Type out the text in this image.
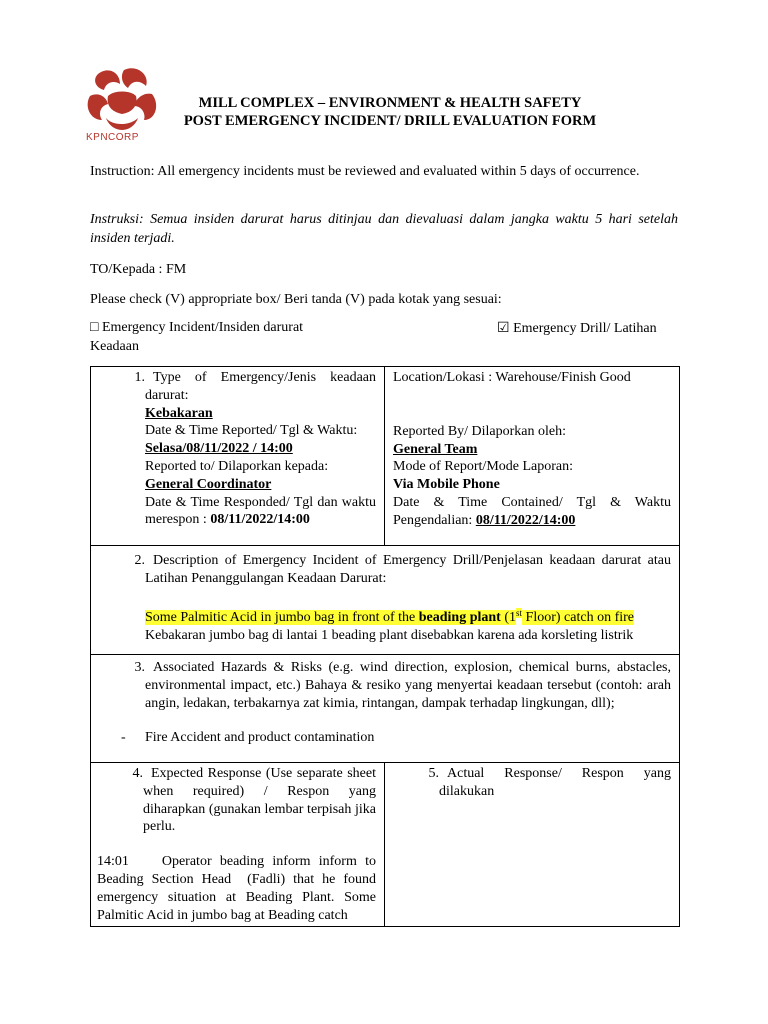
KPNCORP
MILL COMPLEX – ENVIRONMENT & HEALTH SAFETY
POST EMERGENCY INCIDENT/ DRILL EVALUATION FORM
Instruction: All emergency incidents must be reviewed and evaluated within 5 days of occurrence.
Instruksi: Semua insiden darurat harus ditinjau dan dievaluasi dalam jangka waktu 5 hari setelah insiden terjadi.
TO/Kepada : FM
Please check (V) appropriate box/ Beri tanda (V) pada kotak yang sesuai:
□ Emergency Incident/Insiden darurat	☑ Emergency Drill/ Latihan
Keadaan
1. Type of Emergency/Jenis keadaan darurat:
Kebakaran
Date & Time Reported/ Tgl & Waktu:
Selasa/08/11/2022 / 14:00
Reported to/ Dilaporkan kepada:
General Coordinator
Date & Time Responded/ Tgl dan waktu merespon : 08/11/2022/14:00
Location/Lokasi : Warehouse/Finish Good
Reported By/ Dilaporkan oleh:
General Team
Mode of Report/Mode Laporan:
Via Mobile Phone
Date & Time Contained/ Tgl & Waktu Pengendalian: 08/11/2022/14:00
2. Description of Emergency Incident of Emergency Drill/Penjelasan keadaan darurat atau Latihan Penanggulangan Keadaan Darurat:
Some Palmitic Acid in jumbo bag in front of the beading plant (1st Floor) catch on fire
Kebakaran jumbo bag di lantai 1 beading plant disebabkan karena ada korsleting listrik
3. Associated Hazards & Risks (e.g. wind direction, explosion, chemical burns, abstacles, environmental impact, etc.) Bahaya & resiko yang menyertai keadaan tersebut (contoh: arah angin, ledakan, terbakarnya zat kimia, rintangan, dampak terhadap lingkungan, dll);
- Fire Accident and product contamination
4. Expected Response (Use separate sheet when required) / Respon yang diharapkan (gunakan lembar terpisah jika perlu.
14:01    Operator beading inform inform to Beading Section Head  (Fadli) that he found emergency situation at Beading Plant. Some Palmitic Acid in jumbo bag at Beading catch
5. Actual Response/ Respon yang dilakukan
